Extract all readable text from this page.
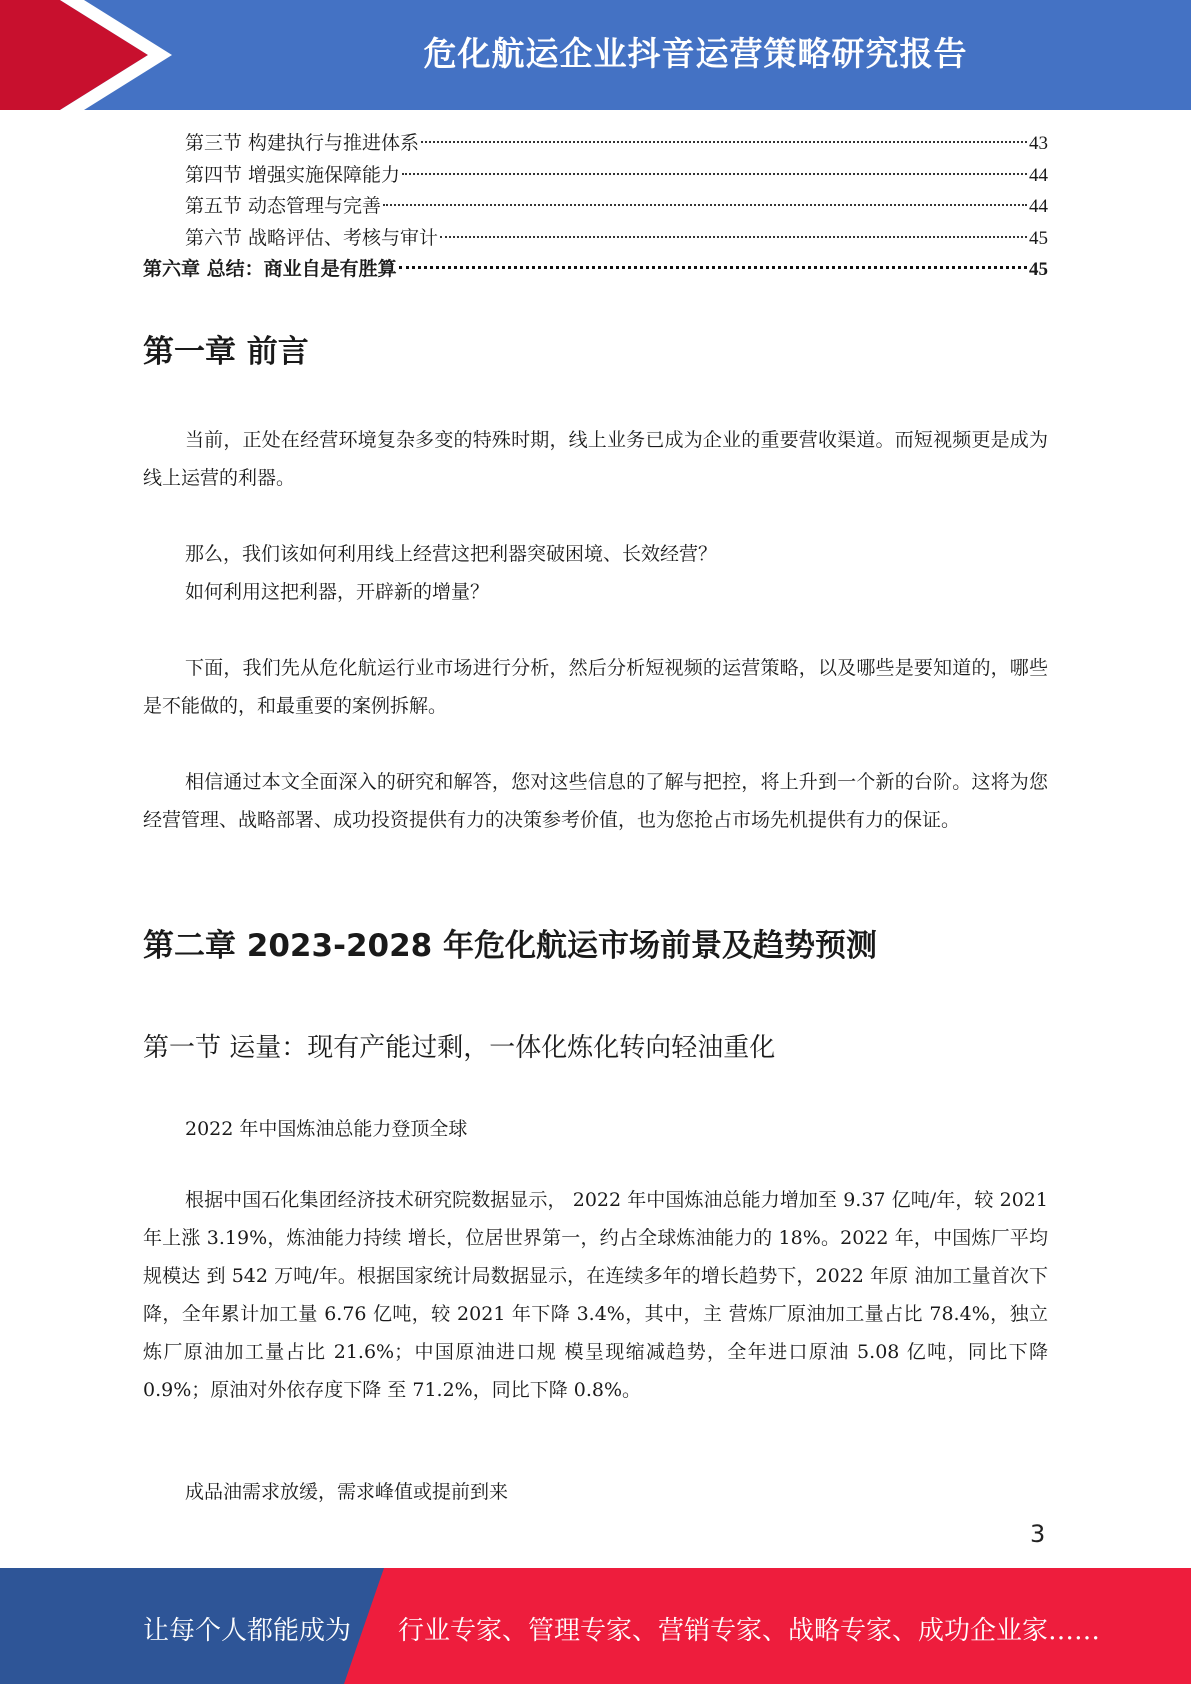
危化航运企业抖音运营策略研究报告
第三节 构建执行与推进体系	43
第四节 增强实施保障能力	44
第五节 动态管理与完善	44
第六节 战略评估、考核与审计	45
第六章 总结：商业自是有胜算	45
第一章 前言

当前，正处在经营环境复杂多变的特殊时期，线上业务已成为企业的重要营收渠道。而短视频更是成为线上运营的利器。

那么，我们该如何利用线上经营这把利器突破困境、长效经营？

如何利用这把利器，开辟新的增量？

下面，我们先从危化航运行业市场进行分析，然后分析短视频的运营策略，以及哪些是要知道的，哪些是不能做的，和最重要的案例拆解。

相信通过本文全面深入的研究和解答，您对这些信息的了解与把控，将上升到一个新的台阶。这将为您经营管理、战略部署、成功投资提供有力的决策参考价值，也为您抢占市场先机提供有力的保证。

第二章 2023-2028 年危化航运市场前景及趋势预测
第一节 运量：现有产能过剩，一体化炼化转向轻油重化

2022 年中国炼油总能力登顶全球

根据中国石化集团经济技术研究院数据显示， 2022 年中国炼油总能力增加至 9.37 亿吨/年，较 2021 年上涨 3.19%，炼油能力持续 增长，位居世界第一，约占全球炼油能力的 18%。2022 年，中国炼厂平均规模达 到 542 万吨/年。根据国家统计局数据显示，在连续多年的增长趋势下，2022 年原 油加工量首次下降，全年累计加工量 6.76 亿吨，较 2021 年下降 3.4%，其中，主 营炼厂原油加工量占比 78.4%，独立炼厂原油加工量占比 21.6%；中国原油进口规 模呈现缩减趋势，全年进口原油 5.08 亿吨，同比下降 0.9%；原油对外依存度下降 至 71.2%，同比下降 0.8%。

成品油需求放缓，需求峰值或提前到来

3
让每个人都能成为 行业专家、管理专家、营销专家、战略专家、成功企业家……
